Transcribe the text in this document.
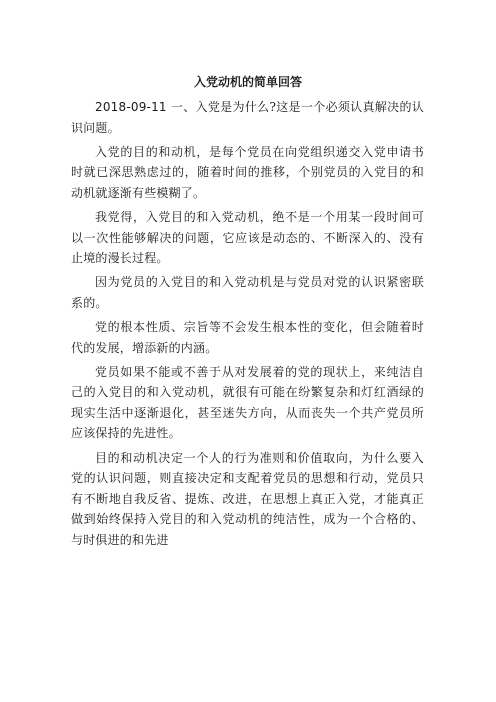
入党动机的简单回答

2018-09-11 一、入党是为什么?这是一个必须认真解决的认识问题。

入党的目的和动机，是每个党员在向党组织递交入党申请书时就已深思熟虑过的，随着时间的推移，个别党员的入党目的和动机就逐渐有些模糊了。

我党得，入党目的和入党动机，绝不是一个用某一段时间可以一次性能够解决的问题，它应该是动态的、不断深入的、没有止境的漫长过程。

因为党员的入党目的和入党动机是与党员对党的认识紧密联系的。

党的根本性质、宗旨等不会发生根本性的变化，但会随着时代的发展，增添新的内涵。

党员如果不能或不善于从对发展着的党的现状上，来纯洁自己的入党目的和入党动机，就很有可能在纷繁复杂和灯红酒绿的现实生活中逐渐退化，甚至迷失方向，从而丧失一个共产党员所应该保持的先进性。

目的和动机决定一个人的行为准则和价值取向，为什么要入党的认识问题，则直接决定和支配着党员的思想和行动，党员只有不断地自我反省、提炼、改进，在思想上真正入党，才能真正做到始终保持入党目的和入党动机的纯洁性，成为一个合格的、与时俱进的和先进
